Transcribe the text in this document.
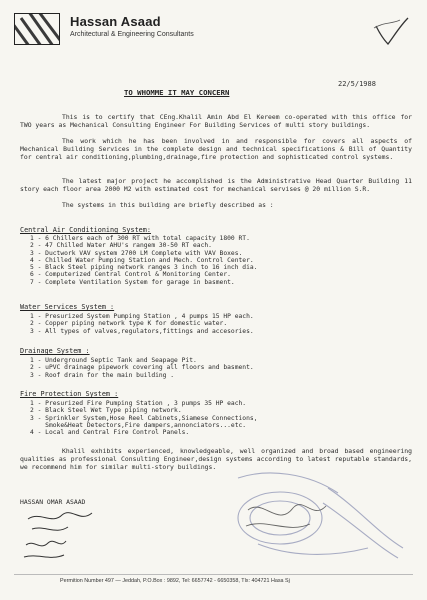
Hassan Asaad
Architectural & Engineering Consultants
22/5/1988
TO WHOMME IT MAY CONCERN
This is to certify that CEng.Khalil Amin Abd El Kereem co-operated with this office for TWO years as Mechanical Consulting Engineer For Building Services of multi story buildings.
The work which he has been involved in and responsible for covers all aspects of Mechanical Building Services in the complete design and technical specifications & Bill of Quantity for central air conditioning,plumbing,drainage,fire protection and sophisticated control systems.
The latest major project he accomplished is the Administrative Head Quarter Building 11 story each floor area 2000 M2 with estimated cost for mechanical servises @ 20 million S.R.
The systems in this building are briefly described as :
Central Air Conditioning System:
1 - 6 Chillers each of 300 RT with total capacity 1800 RT.
2 - 47 Chilled Water AHU's rangem 30-50 RT each.
3 - Ductwork VAV system 2700 LM Complete with VAV Boxes.
4 - Chilled Water Pumping Station and Mech. Control Center.
5 - Black Steel piping network ranges 3 inch to 16 inch dia.
6 - Computerized Central Control & Monitoring Center.
7 - Complete Ventilation System for garage in basment.
Water Services System :
1 - Presurized System Pumping Station , 4 pumps 15 HP each.
2 - Copper piping network type K for domestic water.
3 - All types of valves,regulators,fittings and accesories.
Drainage System :
1 - Underground Septic Tank and Seapage Pit.
2 - uPVC drainage pipework covering all floors and basment.
3 - Roof drain for the main building .
Fire Protection System :
1 - Presurized Fire Pumping Station , 3 pumps 35 HP each.
2 - Black Steel Wet Type piping network.
3 - Sprinkler System,Hose Reel Cabinets,Siamese Connections,
Smoke&Heat Detectors,Fire dampers,annonciators...etc.
4 - Local and Central Fire Control Panels.
Khalil exhibits experienced, knowledgeable, well organized and broad based engineering qualities as professional Consulting Engineer,design systems according to latest reputable standards, we recommend him for similar multi-story buildings.
HASSAN OMAR ASAAD
Permition Number 497 — Jeddah, P.O.Box : 9892, Tel: 6657742 - 6650358, Tlx: 404721 Hasa Sj
